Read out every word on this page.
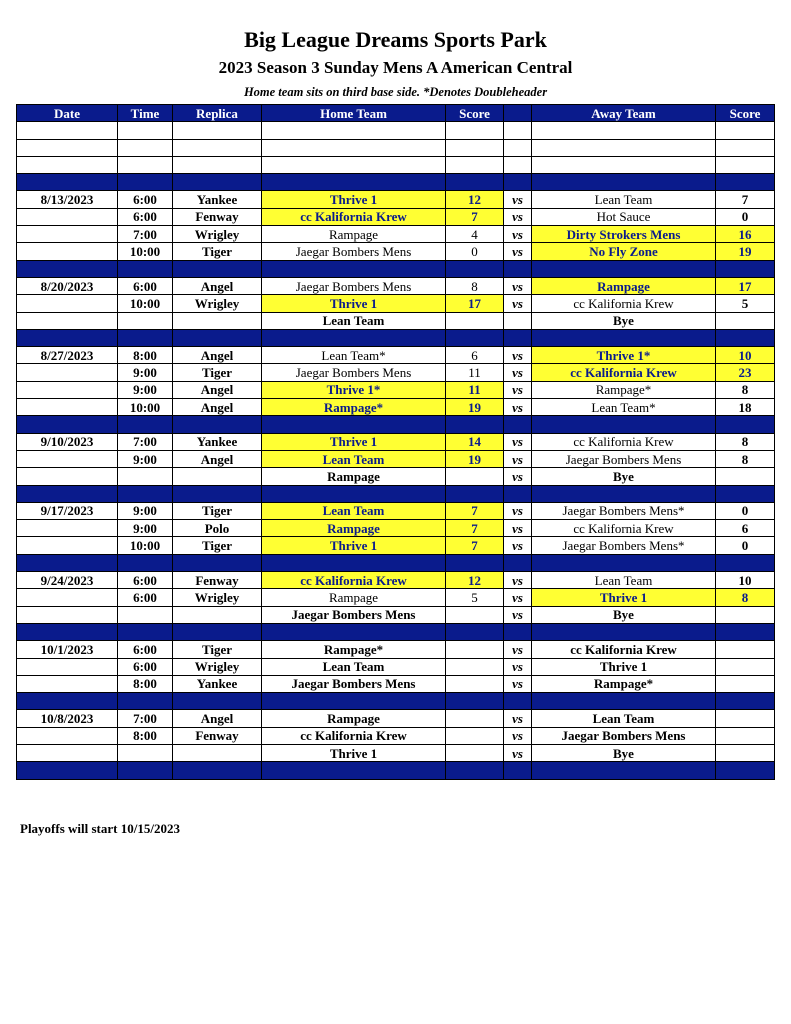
Big League Dreams Sports Park
2023 Season 3 Sunday Mens A American Central
Home team sits on third base side. *Denotes Doubleheader
Date	Time	Replica	Home Team	Score		Away Team	Score

8/13/2023	6:00	Yankee	Thrive 1	12	vs	Lean Team	7
	6:00	Fenway	cc Kalifornia Krew	7	vs	Hot Sauce	0
	7:00	Wrigley	Rampage	4	vs	Dirty Strokers Mens	16
	10:00	Tiger	Jaegar Bombers Mens	0	vs	No Fly Zone	19

8/20/2023	6:00	Angel	Jaegar Bombers Mens	8	vs	Rampage	17
	10:00	Wrigley	Thrive 1	17	vs	cc Kalifornia Krew	5
			Lean Team			Bye	

8/27/2023	8:00	Angel	Lean Team*	6	vs	Thrive 1*	10
	9:00	Tiger	Jaegar Bombers Mens	11	vs	cc Kalifornia Krew	23
	9:00	Angel	Thrive 1*	11	vs	Rampage*	8
	10:00	Angel	Rampage*	19	vs	Lean Team*	18

9/10/2023	7:00	Yankee	Thrive 1	14	vs	cc Kalifornia Krew	8
	9:00	Angel	Lean Team	19	vs	Jaegar Bombers Mens	8
			Rampage		vs	Bye	

9/17/2023	9:00	Tiger	Lean Team	7	vs	Jaegar Bombers Mens*	0
	9:00	Polo	Rampage	7	vs	cc Kalifornia Krew	6
	10:00	Tiger	Thrive 1	7	vs	Jaegar Bombers Mens*	0

9/24/2023	6:00	Fenway	cc Kalifornia Krew	12	vs	Lean Team	10
	6:00	Wrigley	Rampage	5	vs	Thrive 1	8
			Jaegar Bombers Mens		vs	Bye	

10/1/2023	6:00	Tiger	Rampage*		vs	cc Kalifornia Krew	
	6:00	Wrigley	Lean Team		vs	Thrive 1	
	8:00	Yankee	Jaegar Bombers Mens		vs	Rampage*	

10/8/2023	7:00	Angel	Rampage		vs	Lean Team	
	8:00	Fenway	cc Kalifornia Krew		vs	Jaegar Bombers Mens	
			Thrive 1		vs	Bye	

Playoffs will start 10/15/2023
